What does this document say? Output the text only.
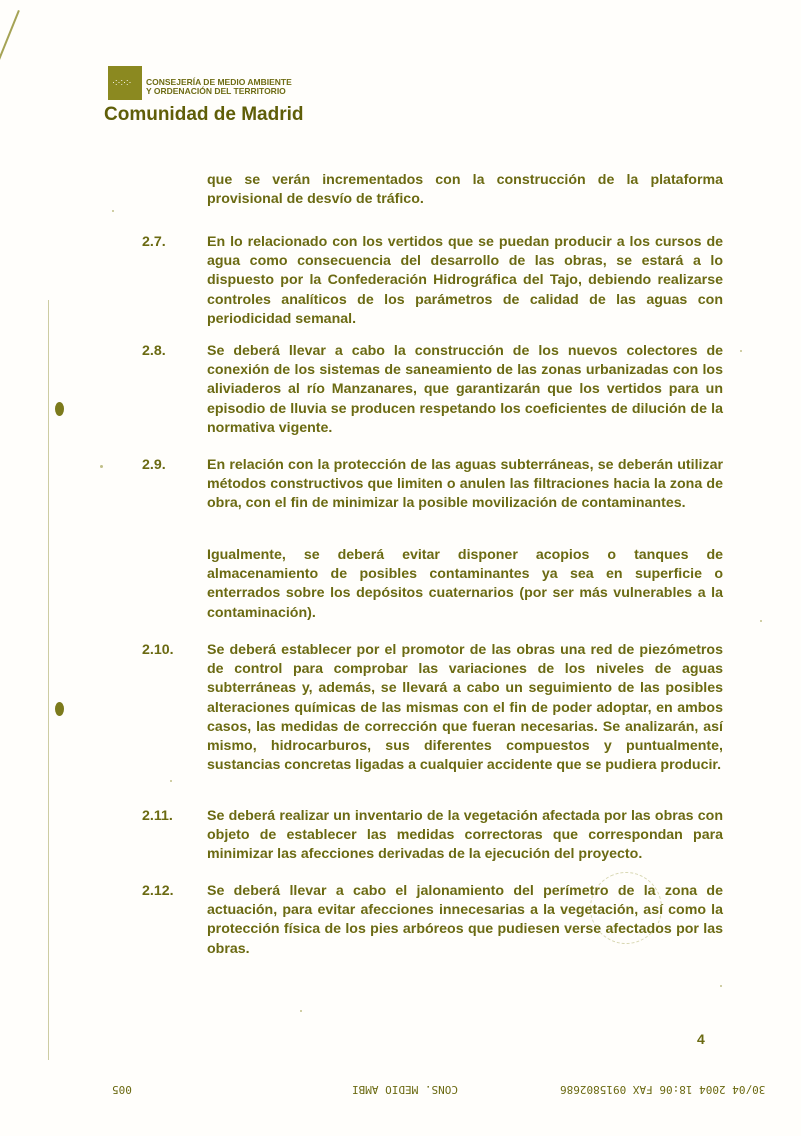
·:·:·:· CONSEJERÍA DE MEDIO AMBIENTE
Y ORDENACIÓN DEL TERRITORIO
Comunidad de Madrid
que se verán incrementados con la construcción de la plataforma provisional de desvío de tráfico.
2.7.	En lo relacionado con los vertidos que se puedan producir a los cursos de agua como consecuencia del desarrollo de las obras, se estará a lo dispuesto por la Confederación Hidrográfica del Tajo, debiendo realizarse controles analíticos de los parámetros de calidad de las aguas con periodicidad semanal.
2.8.	Se deberá llevar a cabo la construcción de los nuevos colectores de conexión de los sistemas de saneamiento de las zonas urbanizadas con los aliviaderos al río Manzanares, que garantizarán que los vertidos para un episodio de lluvia se producen respetando los coeficientes de dilución de la normativa vigente.
2.9.	En relación con la protección de las aguas subterráneas, se deberán utilizar métodos constructivos que limiten o anulen las filtraciones hacia la zona de obra, con el fin de minimizar la posible movilización de contaminantes.
Igualmente, se deberá evitar disponer acopios o tanques de almacenamiento de posibles contaminantes ya sea en superficie o enterrados sobre los depósitos cuaternarios (por ser más vulnerables a la contaminación).
2.10.	Se deberá establecer por el promotor de las obras una red de piezómetros de control para comprobar las variaciones de los niveles de aguas subterráneas y, además, se llevará a cabo un seguimiento de las posibles alteraciones químicas de las mismas con el fin de poder adoptar, en ambos casos, las medidas de corrección que fueran necesarias. Se analizarán, así mismo, hidrocarburos, sus diferentes compuestos y puntualmente, sustancias concretas ligadas a cualquier accidente que se pudiera producir.
2.11.	Se deberá realizar un inventario de la vegetación afectada por las obras con objeto de establecer las medidas correctoras que correspondan para minimizar las afecciones derivadas de la ejecución del proyecto.
2.12.	Se deberá llevar a cabo el jalonamiento del perímetro de la zona de actuación, para evitar afecciones innecesarias a la vegetación, así como la protección física de los pies arbóreos que pudiesen verse afectados por las obras.
4
30/04 2004 18:06 FAX 0915802686
CONS. MEDIO AMBI
005
